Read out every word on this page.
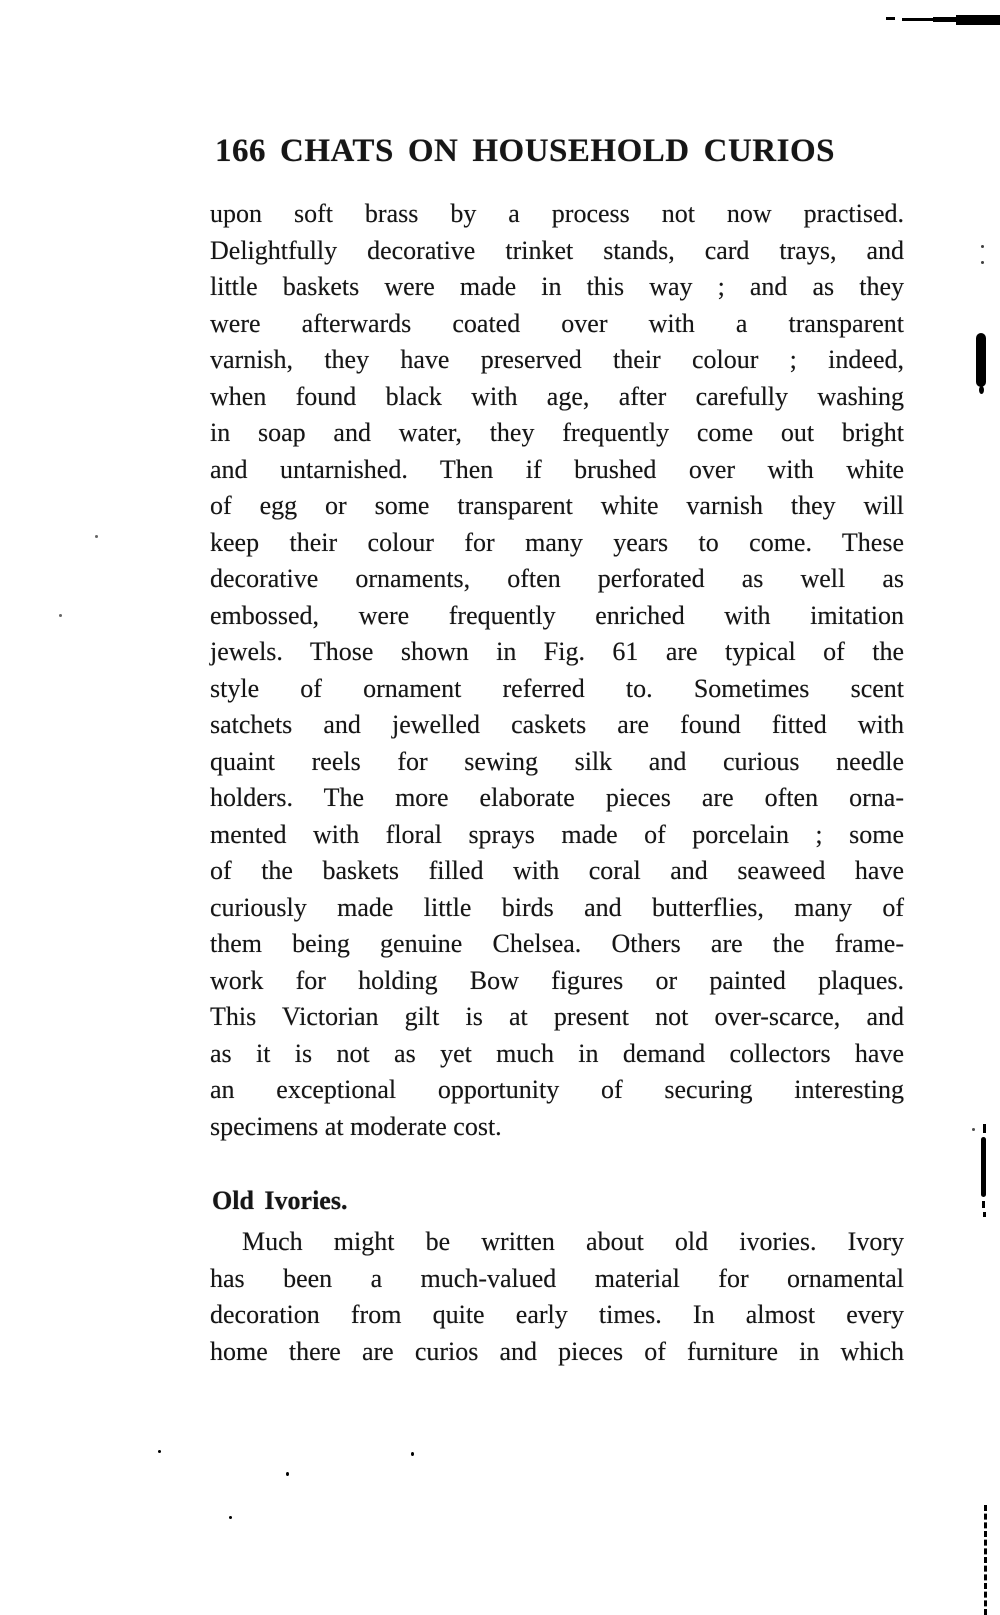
166 CHATS ON HOUSEHOLD CURIOS
upon soft brass by a process not now practised.
Delightfully decorative trinket stands, card trays, and
little baskets were made in this way ; and as they
were afterwards coated over with a transparent
varnish, they have preserved their colour ; indeed,
when found black with age, after carefully washing
in soap and water, they frequently come out bright
and untarnished. Then if brushed over with white
of egg or some transparent white varnish they will
keep their colour for many years to come. These
decorative ornaments, often perforated as well as
embossed, were frequently enriched with imitation
jewels. Those shown in Fig. 61 are typical of the
style of ornament referred to. Sometimes scent
satchets and jewelled caskets are found fitted with
quaint reels for sewing silk and curious needle
holders. The more elaborate pieces are often orna-
mented with floral sprays made of porcelain ; some
of the baskets filled with coral and seaweed have
curiously made little birds and butterflies, many of
them being genuine Chelsea. Others are the frame-
work for holding Bow figures or painted plaques.
This Victorian gilt is at present not over-scarce, and
as it is not as yet much in demand collectors have
an exceptional opportunity of securing interesting
specimens at moderate cost.
Old Ivories.
Much might be written about old ivories. Ivory
has been a much-valued material for ornamental
decoration from quite early times. In almost every
home there are curios and pieces of furniture in which
